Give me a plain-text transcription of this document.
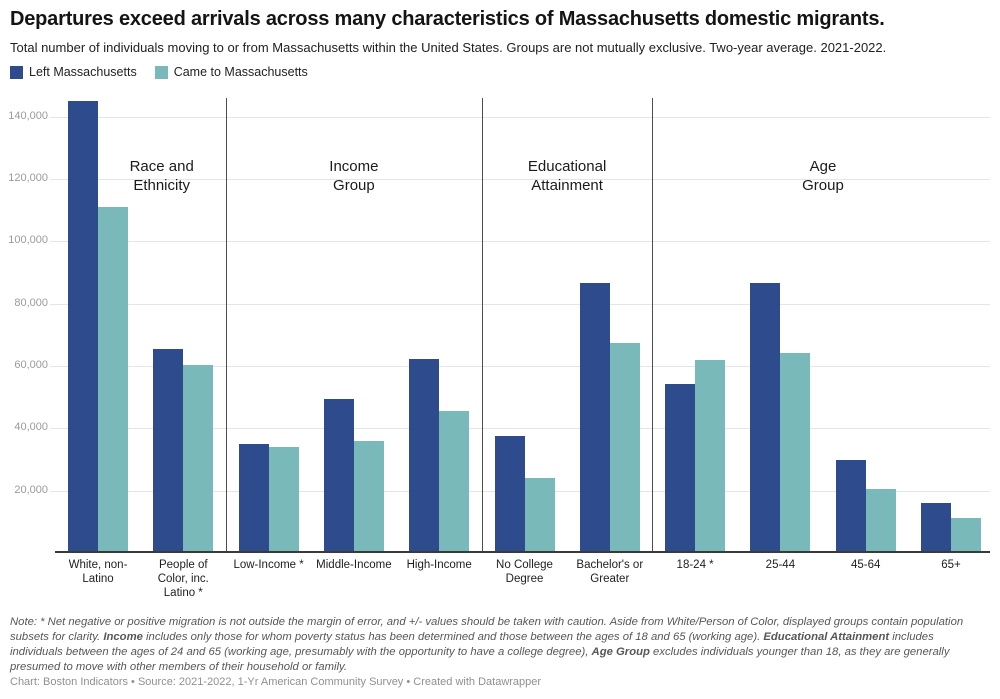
Departures exceed arrivals across many characteristics of Massachusetts domestic migrants.

Total number of individuals moving to or from Massachusetts within the United States. Groups are not mutually exclusive. Two-year average. 2021-2022.

Left Massachusetts	Came to Massachusetts
20,000
40,000
60,000
80,000
100,000
120,000
140,000
Race and
Ethnicity
Income
Group
Educational
Attainment
Age
Group
White, non-
Latino
People of
Color, inc.
Latino *
Low-Income *	Middle-Income	High-Income	No College
Degree
Bachelor's or
Greater
18-24 *	25-44	45-64	65+

Note: * Net negative or positive migration is not outside the margin of error, and +/- values should be taken with caution. Aside from White/Person of Color, displayed groups contain population subsets for clarity. Income includes only those for whom poverty status has been determined and those between the ages of 18 and 65 (working age). Educational Attainment includes individuals between the ages of 24 and 65 (working age, presumably with the opportunity to have a college degree), Age Group excludes individuals younger than 18, as they are generally presumed to move with other members of their household or family.

Chart: Boston Indicators • Source: 2021-2022, 1-Yr American Community Survey • Created with Datawrapper
